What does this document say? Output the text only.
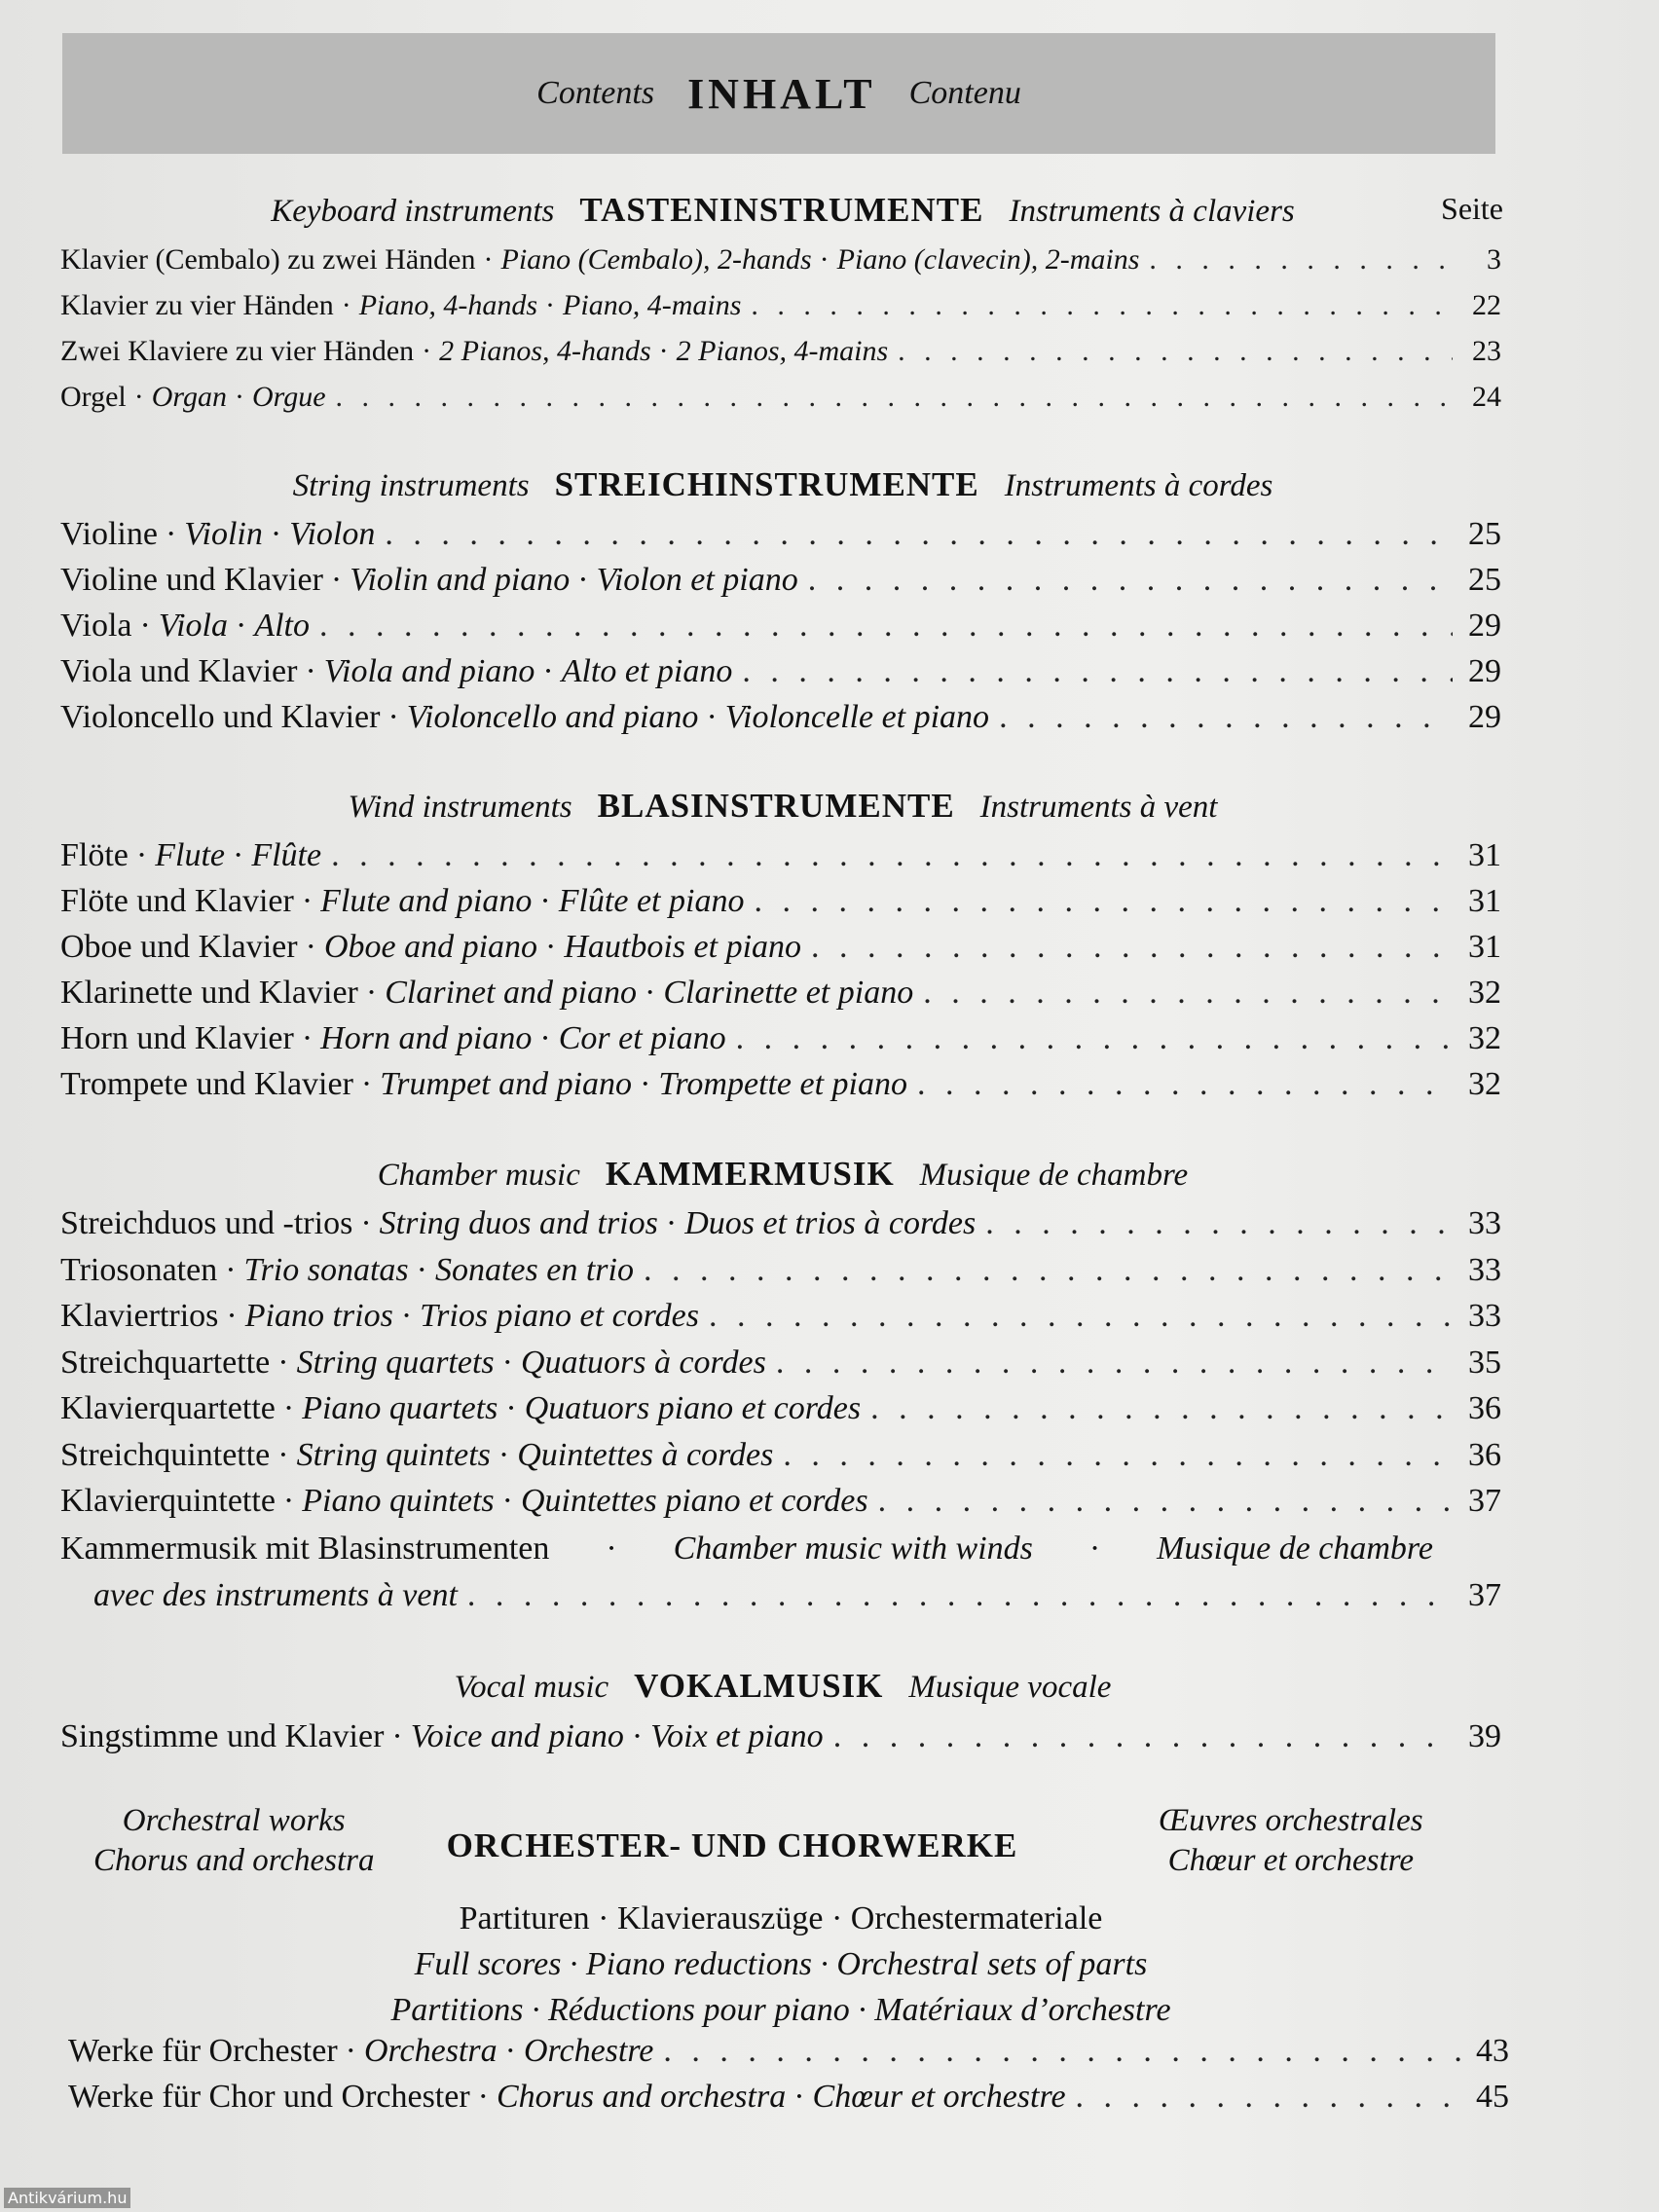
Contents INHALT Contenu
Keyboard instruments TASTENINSTRUMENTE Instruments à claviers	Seite
Klavier (Cembalo) zu zwei Händen · Piano (Cembalo), 2-hands · Piano (clavecin), 2-mains . . .	3
Klavier zu vier Händen · Piano, 4-hands · Piano, 4-mains . . .	22
Zwei Klaviere zu vier Händen · 2 Pianos, 4-hands · 2 Pianos, 4-mains . . .	23
Orgel · Organ · Orgue . . .	24
String instruments STREICHINSTRUMENTE Instruments à cordes
Violine · Violin · Violon . . .	25
Violine und Klavier · Violin and piano · Violon et piano . . .	25
Viola · Viola · Alto . . .	29
Viola und Klavier · Viola and piano · Alto et piano . . .	29
Violoncello und Klavier · Violoncello and piano · Violoncelle et piano . . .	29
Wind instruments BLASINSTRUMENTE Instruments à vent
Flöte · Flute · Flûte . . .	31
Flöte und Klavier · Flute and piano · Flûte et piano . . .	31
Oboe und Klavier · Oboe and piano · Hautbois et piano . . .	31
Klarinette und Klavier · Clarinet and piano · Clarinette et piano . . .	32
Horn und Klavier · Horn and piano · Cor et piano . . .	32
Trompete und Klavier · Trumpet and piano · Trompette et piano . . .	32
Chamber music KAMMERMUSIK Musique de chambre
Streichduos und -trios · String duos and trios · Duos et trios à cordes . . .	33
Triosonaten · Trio sonatas · Sonates en trio . . .	33
Klaviertrios · Piano trios · Trios piano et cordes . . .	33
Streichquartette · String quartets · Quatuors à cordes . . .	35
Klavierquartette · Piano quartets · Quatuors piano et cordes . . .	36
Streichquintette · String quintets · Quintettes à cordes . . .	36
Klavierquintette · Piano quintets · Quintettes piano et cordes . . .	37
Kammermusik mit Blasinstrumenten · Chamber music with winds · Musique de chambre
avec des instruments à vent . . .	37
Vocal music VOKALMUSIK Musique vocale
Singstimme und Klavier · Voice and piano · Voix et piano . . .	39
Orchestral works
Chorus and orchestra	ORCHESTER- UND CHORWERKE
Œuvres orchestrales
Chœur et orchestre
Partituren · Klavierauszüge · Orchestermateriale
Full scores · Piano reductions · Orchestral sets of parts
Partitions · Réductions pour piano · Matériaux d’orchestre
Werke für Orchester · Orchestra · Orchestre . . .	43
Werke für Chor und Orchester · Chorus and orchestra · Chœur et orchestre . . .	45
Antikvárium.hu
